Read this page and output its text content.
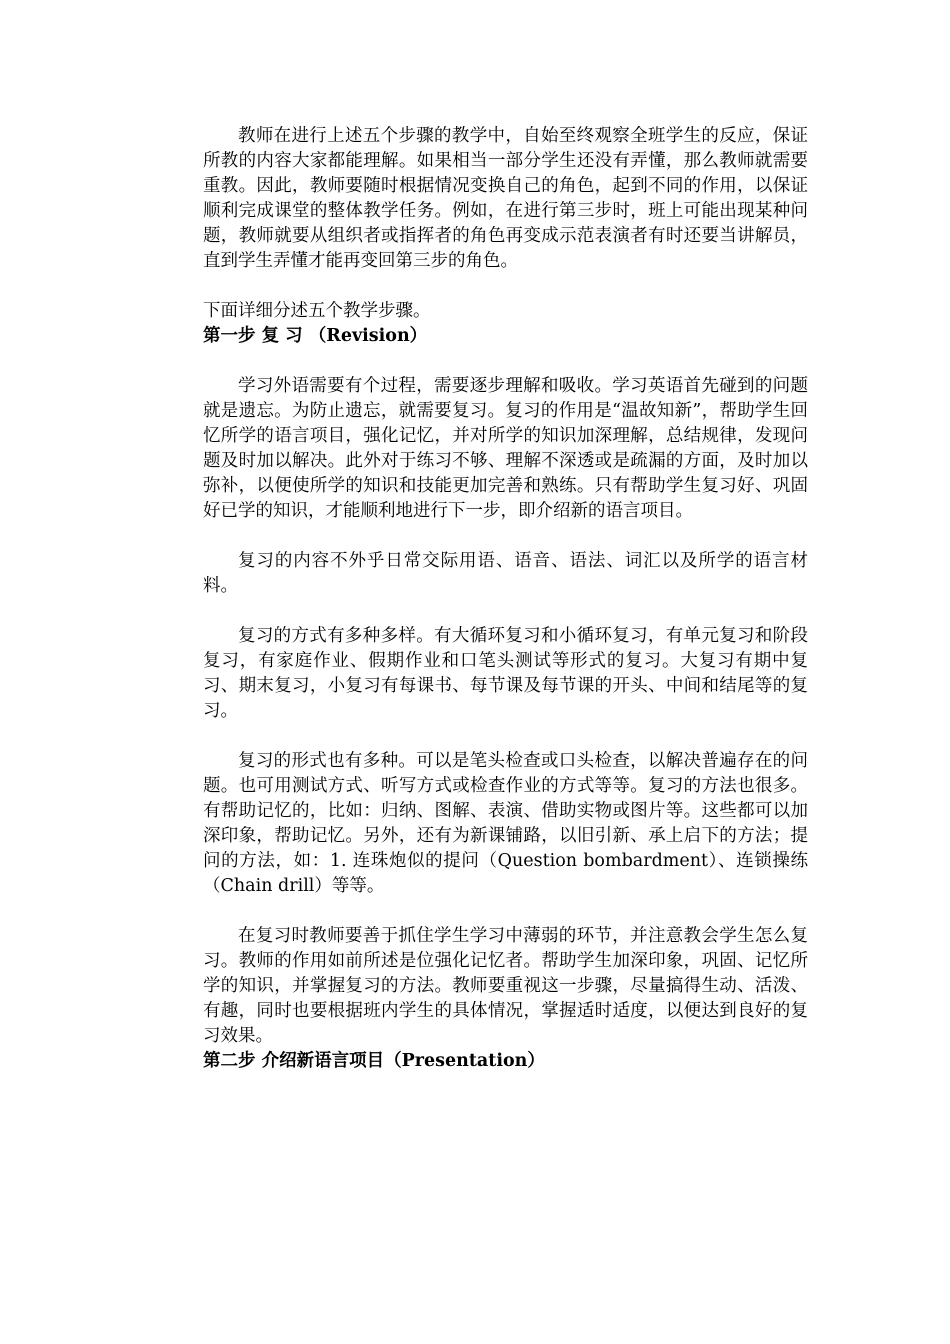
教师在进行上述五个步骤的教学中，自始至终观察全班学生的反应，保证所教的内容大家都能理解。如果相当一部分学生还没有弄懂，那么教师就需要重教。因此，教师要随时根据情况变换自己的角色，起到不同的作用，以保证顺利完成课堂的整体教学任务。例如，在进行第三步时，班上可能出现某种问题，教师就要从组织者或指挥者的角色再变成示范表演者有时还要当讲解员，直到学生弄懂才能再变回第三步的角色。

下面详细分述五个教学步骤。

第一步 复 习 （Revision）

学习外语需要有个过程，需要逐步理解和吸收。学习英语首先碰到的问题就是遗忘。为防止遗忘，就需要复习。复习的作用是“温故知新”，帮助学生回忆所学的语言项目，强化记忆，并对所学的知识加深理解，总结规律，发现问题及时加以解决。此外对于练习不够、理解不深透或是疏漏的方面，及时加以弥补，以便使所学的知识和技能更加完善和熟练。只有帮助学生复习好、巩固好已学的知识，才能顺利地进行下一步，即介绍新的语言项目。

复习的内容不外乎日常交际用语、语音、语法、词汇以及所学的语言材料。

复习的方式有多种多样。有大循环复习和小循环复习，有单元复习和阶段复习，有家庭作业、假期作业和口笔头测试等形式的复习。大复习有期中复习、期末复习，小复习有每课书、每节课及每节课的开头、中间和结尾等的复习。

复习的形式也有多种。可以是笔头检查或口头检查，以解决普遍存在的问题。也可用测试方式、听写方式或检查作业的方式等等。复习的方法也很多。有帮助记忆的，比如：归纳、图解、表演、借助实物或图片等。这些都可以加深印象，帮助记忆。另外，还有为新课铺路，以旧引新、承上启下的方法；提问的方法，如：1. 连珠炮似的提问（Question bombardment）、连锁操练（Chain drill）等等。

在复习时教师要善于抓住学生学习中薄弱的环节，并注意教会学生怎么复习。教师的作用如前所述是位强化记忆者。帮助学生加深印象，巩固、记忆所学的知识，并掌握复习的方法。教师要重视这一步骤，尽量搞得生动、活泼、有趣，同时也要根据班内学生的具体情况，掌握适时适度，以便达到良好的复习效果。

第二步 介绍新语言项目（Presentation）
